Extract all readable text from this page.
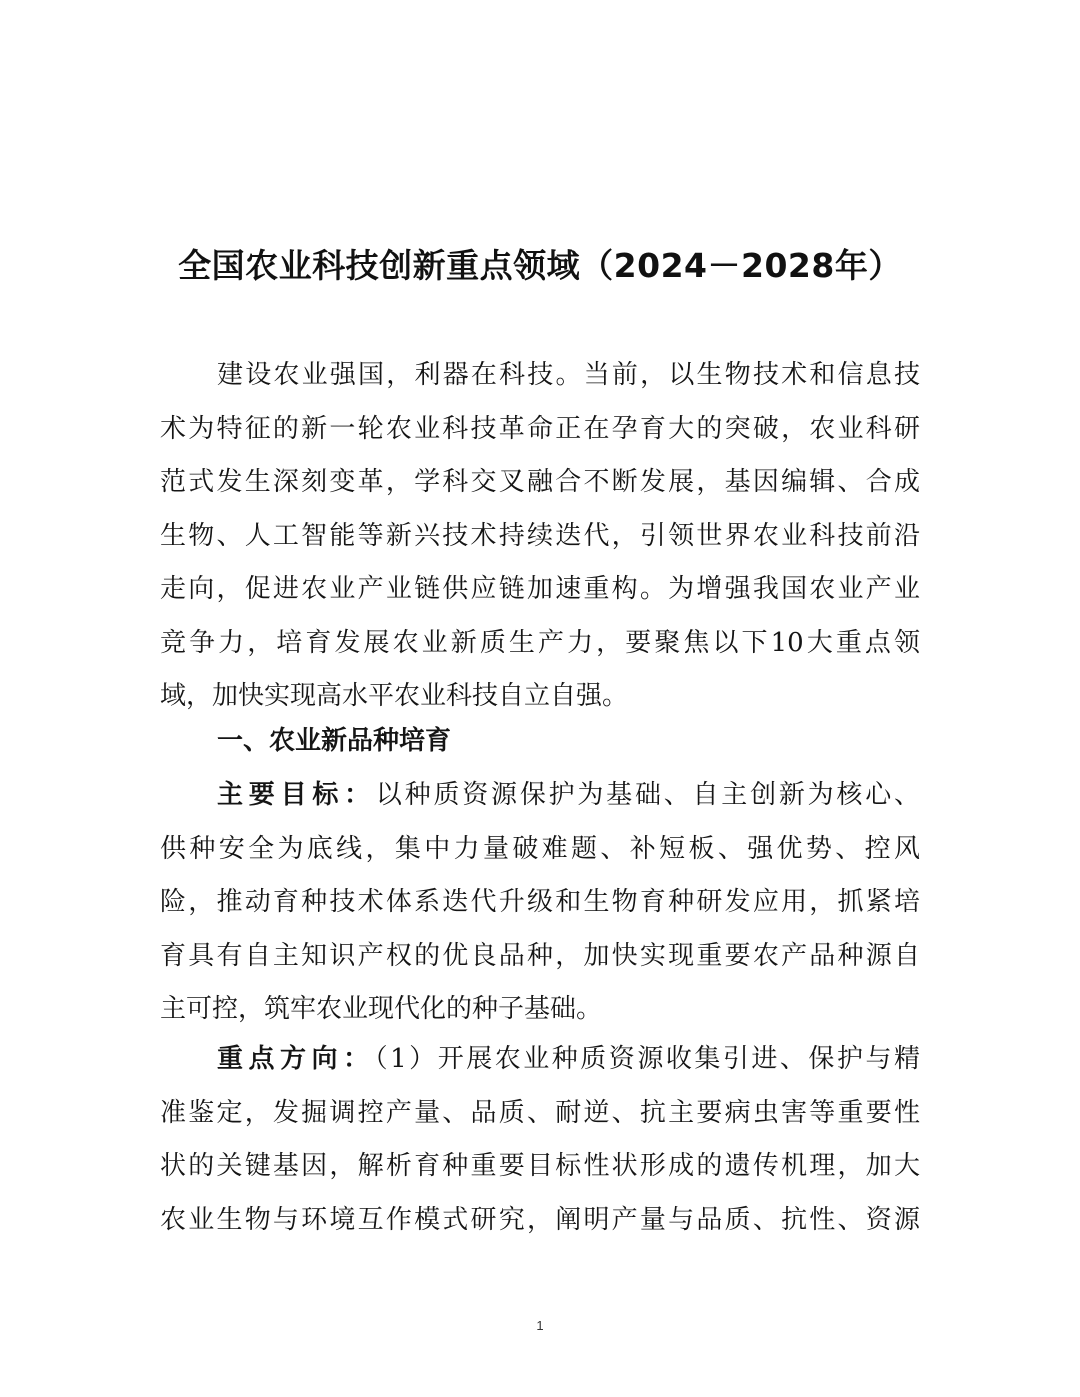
全国农业科技创新重点领域（2024－2028年）
建设农业强国，利器在科技。当前，以生物技术和信息技
术为特征的新一轮农业科技革命正在孕育大的突破，农业科研
范式发生深刻变革，学科交叉融合不断发展，基因编辑、合成
生物、人工智能等新兴技术持续迭代，引领世界农业科技前沿
走向，促进农业产业链供应链加速重构。为增强我国农业产业
竞争力，培育发展农业新质生产力，要聚焦以下10大重点领
域，加快实现高水平农业科技自立自强。
一、农业新品种培育
主要目标：以种质资源保护为基础、自主创新为核心、
供种安全为底线，集中力量破难题、补短板、强优势、控风
险，推动育种技术体系迭代升级和生物育种研发应用，抓紧培
育具有自主知识产权的优良品种，加快实现重要农产品种源自
主可控，筑牢农业现代化的种子基础。
重点方向：（1）开展农业种质资源收集引进、保护与精
准鉴定，发掘调控产量、品质、耐逆、抗主要病虫害等重要性
状的关键基因，解析育种重要目标性状形成的遗传机理，加大
农业生物与环境互作模式研究，阐明产量与品质、抗性、资源
1
